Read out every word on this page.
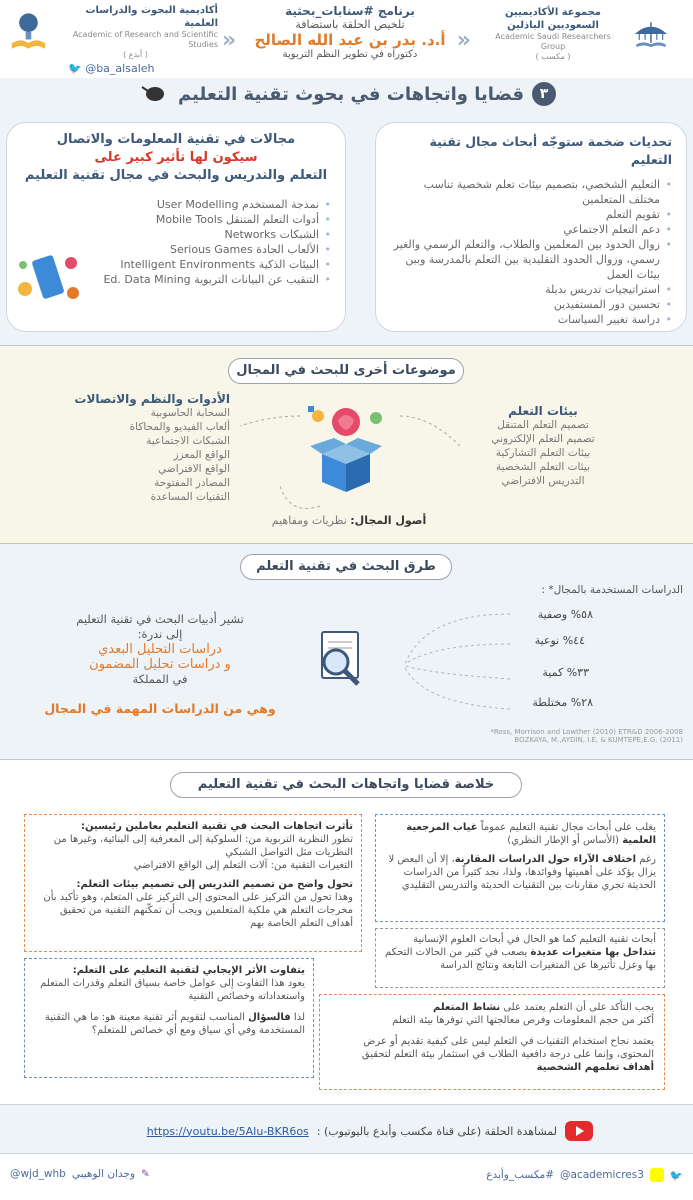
مجموعة الأكاديميين السعوديين الباذلين
Academic Saudi Researchers Group
( مكسب )
أكاديمية البحوث والدراسات العلمية
Academic of Research and Scientific Studies
( أبدع )
🐦 @ba_alsaleh
«
«
برنامج #سنابات_بحثية
تلخيص الحلقة باستضافة
أ.د. بدر بن عبد الله الصالح
دكتوراه في تطوير النظم التربوية
٣
قضايا واتجاهات في بحوث تقنية التعليم
تحديات ضخمة ستوجّه أبحاث مجال تقنية التعليم
• التعليم الشخصي، بتصميم بيئات تعلم شخصية تناسب مختلف المتعلمين
• تقويم التعلم
• دعم التعلم الاجتماعي
• زوال الحدود بين المعلمين والطلاب، والتعلم الرسمي والغير رسمي، وزوال الحدود التقليدية بين التعلم بالمدرسة وبين بيئات العمل
• استراتيجيات تدريس بديلة
• تحسين دور المستفيدين
• دراسة تغيير السياسات
مجالات في تقنية المعلومات والاتصال
سيكون لها تأثير كبير على
التعلم والتدريس والبحث في مجال تقنية التعليم
• نمذجة المستخدم User Modelling
• أدوات التعلم المتنقل Mobile Tools
• الشبكات Networks
• الألعاب الجادة Serious Games
• البيئات الذكية Intelligent Environments
• التنقيب عن البيانات التربوية Ed. Data Mining
موضوعات أخرى للبحث في المجال
بيئات التعلم
تصميم التعلم المتنقل
تصميم التعلم الإلكتروني
بيئات التعلم التشاركية
بيئات التعلم الشخصية
التدريس الافتراضي
الأدوات والنظم والاتصالات
السحابة الحاسوبية
ألعاب الفيديو والمحاكاة
الشبكات الاجتماعية
الواقع المعزز
الواقع الافتراضي
المصادر المفتوحة
التقنيات المساعدة
أصول المجال: نظريات ومفاهيم
طرق البحث في تقنية التعلم
الدراسات المستخدمة بالمجال* :
٥٨% وصفية
٤٤% نوعية
٣٣% كمية
٢٨% مختلطة
تشير أدبيات البحث في تقنية التعليم
إلى ندرة:
دراسات التحليل البعدي
و دراسات تحليل المضمون
في المملكة
وهي من الدراسات المهمة في المجال
*Ross, Morrison and Lowther (2010) ETR&D 2006-2008
BOZKAYA, M.,AYDIN, İ.E, & KUMTEPE,E.G. (2011)
خلاصة قضايا واتجاهات البحث في تقنية التعليم
يغلب على أبحاث مجال تقنية التعليم عموماً غياب المرجعية العلمية (الأساس أو الإطار النظري)
رغم اختلاف الآراء حول الدراسات المقارنة، إلا أن البعض لا يزال يؤكد على أهميتها وفوائدها، ولذا، نجد كثيراً من الدراسات الحديثة تجري مقارنات بين التقنيات الحديثة والتدريس التقليدي
أبحاث تقنية التعليم كما هو الحال في أبحاث العلوم الإنسانية تتداخل بها متغيرات عديدة يصعب في كثير من الحالات التحكم بها وعزل تأثيرها عن المتغيرات التابعة ونتائج الدراسة
يجب التأكد على أن التعلم يعتمد على نشاط المتعلم
أكثر من حجم المعلومات وفرص معالجتها التي توفرها بيئة التعلم
يعتمد نجاح استخدام التقنيات في التعلم ليس على كيفية تقديم أو عرض المحتوى، وإنما على درجة دافعية الطلاب في استثمار بيئة التعلم لتحقيق أهداف تعلمهم الشخصية
تأثرت اتجاهات البحث في تقنية التعليم بعاملين رئيسين:
تطور النظرية التربوية من: السلوكية إلى المعرفية إلى البنائية، وغيرها من النظريات مثل التواصل الشبكي
التغيرات التقنية من: آلات التعلم إلى الواقع الافتراضي
تحول واضح من تصميم التدريس إلى تصميم بيئات التعلم:
وهذا تحول من التركيز على المحتوى إلى التركيز على المتعلم، وهو تأكيد بأن مخرجات التعلم هي ملكية المتعلمين ويجب أن تمكّنهم التقنية من تحقيق أهداف التعلم الخاصة بهم
يتفاوت الأثر الإيجابي لتقنية التعليم على التعلم:
يعود هذا التفاوت إلى عوامل خاصة بسياق التعلم وقدرات المتعلم واستعداداته وخصائص التقنية
لذا فالسؤال المناسب لتقويم أثر تقنية معينة هو: ما هي التقنية المستخدمة وفي أي سياق ومع أي خصائص للمتعلم؟
لمشاهدة الحلقة (على قناة مكسب وأبدع باليوتيوب) :
https://youtu.be/5AIu-BKR6os
🐦
@academicres3
#مكسب_وأبدع
@wjd_whb وجدان الوهيبي ✎
